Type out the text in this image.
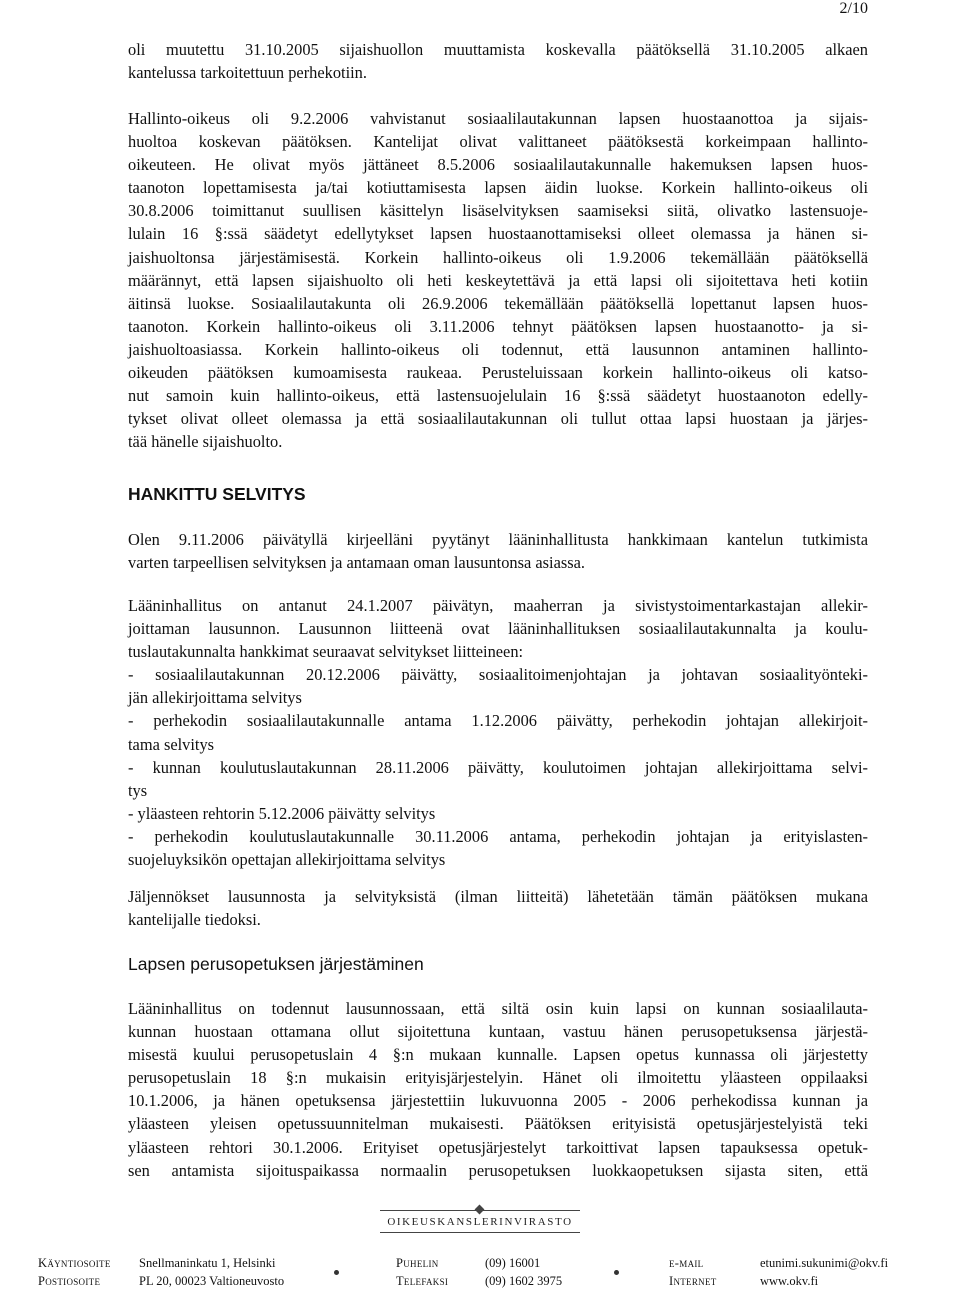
2/10
oli muutettu 31.10.2005 sijaishuollon muuttamista koskevalla päätöksellä 31.10.2005 alkaen
kantelussa tarkoitettuun perhekotiin.
Hallinto-oikeus oli 9.2.2006 vahvistanut sosiaalilautakunnan lapsen huostaanottoa ja sijais-
huoltoa koskevan päätöksen. Kantelijat olivat valittaneet päätöksestä korkeimpaan hallinto-
oikeuteen. He olivat myös jättäneet 8.5.2006 sosiaalilautakunnalle hakemuksen lapsen huos-
taanoton lopettamisesta ja/tai kotiuttamisesta lapsen äidin luokse. Korkein hallinto-oikeus oli
30.8.2006 toimittanut suullisen käsittelyn lisäselvityksen saamiseksi siitä, olivatko lastensuoje-
lulain 16 §:ssä säädetyt edellytykset lapsen huostaanottamiseksi olleet olemassa ja hänen si-
jaishuoltonsa järjestämisestä. Korkein hallinto-oikeus oli 1.9.2006 tekemällään päätöksellä
määrännyt, että lapsen sijaishuolto oli heti keskeytettävä ja että lapsi oli sijoitettava heti kotiin
äitinsä luokse. Sosiaalilautakunta oli 26.9.2006 tekemällään päätöksellä lopettanut lapsen huos-
taanoton. Korkein hallinto-oikeus oli 3.11.2006 tehnyt päätöksen lapsen huostaanotto- ja si-
jaishuoltoasiassa. Korkein hallinto-oikeus oli todennut, että lausunnon antaminen hallinto-
oikeuden päätöksen kumoamisesta raukeaa. Perusteluissaan korkein hallinto-oikeus oli katso-
nut samoin kuin hallinto-oikeus, että lastensuojelulain 16 §:ssä säädetyt huostaanoton edelly-
tykset olivat olleet olemassa ja että sosiaalilautakunnan oli tullut ottaa lapsi huostaan ja järjes-
tää hänelle sijaishuolto.
HANKITTU SELVITYS
Olen 9.11.2006 päivätyllä kirjeelläni pyytänyt lääninhallitusta hankkimaan kantelun tutkimista
varten tarpeellisen selvityksen ja antamaan oman lausuntonsa asiassa.
Lääninhallitus on antanut 24.1.2007 päivätyn, maaherran ja sivistystoimentarkastajan allekir-
joittaman lausunnon. Lausunnon liitteenä ovat lääninhallituksen sosiaalilautakunnalta ja koulu-
tuslautakunnalta hankkimat seuraavat selvitykset liitteineen:
- sosiaalilautakunnan 20.12.2006 päivätty, sosiaalitoimenjohtajan ja johtavan sosiaalityönteki-
jän allekirjoittama selvitys
- perhekodin sosiaalilautakunnalle antama 1.12.2006 päivätty, perhekodin johtajan allekirjoit-
tama selvitys
- kunnan koulutuslautakunnan 28.11.2006 päivätty, koulutoimen johtajan allekirjoittama selvi-
tys
- yläasteen rehtorin 5.12.2006 päivätty selvitys
- perhekodin koulutuslautakunnalle 30.11.2006 antama, perhekodin johtajan ja erityislasten-
suojeluyksikön opettajan allekirjoittama selvitys
Jäljennökset lausunnosta ja selvityksistä (ilman liitteitä) lähetetään tämän päätöksen mukana
kantelijalle tiedoksi.
Lapsen perusopetuksen järjestäminen
Lääninhallitus on todennut lausunnossaan, että siltä osin kuin lapsi on kunnan sosiaalilauta-
kunnan huostaan ottamana ollut sijoitettuna kuntaan, vastuu hänen perusopetuksensa järjestä-
misestä kuului perusopetuslain 4 §:n mukaan kunnalle. Lapsen opetus kunnassa oli järjestetty
perusopetuslain 18 §:n mukaisin erityisjärjestelyin. Hänet oli ilmoitettu yläasteen oppilaaksi
10.1.2006, ja hänen opetuksensa järjestettiin lukuvuonna 2005 - 2006 perhekodissa kunnan ja
yläasteen yleisen opetussuunnitelman mukaisesti. Päätöksen erityisistä opetusjärjestelyistä teki
yläasteen rehtori 30.1.2006. Erityiset opetusjärjestelyt tarkoittivat lapsen tapauksessa opetuk-
sen antamista sijoituspaikassa normaalin perusopetuksen luokkaopetuksen sijasta siten, että
OIKEUSKANSLERINVIRASTO
Käyntiosoite Snellmaninkatu 1, Helsinki
Postiosoite	PL 20, 00023 Valtioneuvosto
Puhelin	(09) 16001
Telefaksi	(09) 1602 3975
e-mail	etunimi.sukunimi@okv.fi
Internet	www.okv.fi
